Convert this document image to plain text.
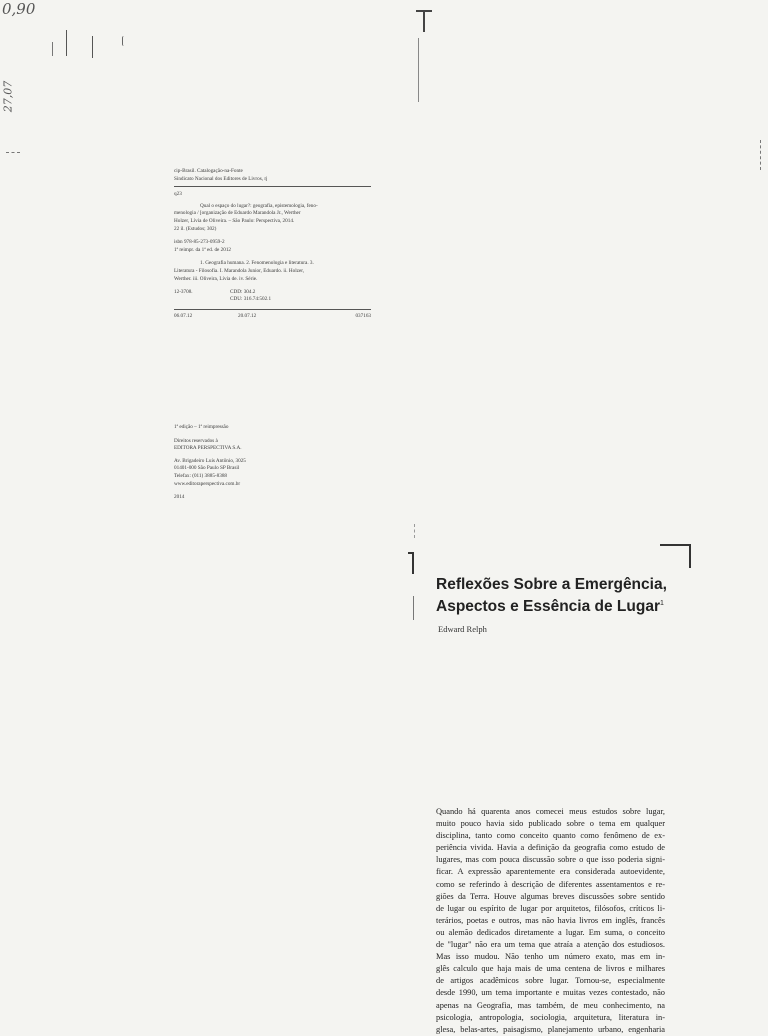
0,90
27,07
cip-Brasil. Catalogação-na-Fonte
Sindicato Nacional dos Editores de Livros, rj
q23
Qual o espaço do lugar?: geografia, epistemologia, feno-
menologia / [organização de Eduardo Marandola Jr., Werther
Holzer, Lívia de Oliveira. – São Paulo: Perspectiva, 2014.
22 il. (Estudos; 302)
isbn 978-85-273-0959-2
1ª reimpr. da 1ª ed. de 2012
1. Geografia humana. 2. Fenomenologia e literatura. 3.
Literatura - Filosofia. I. Marandola Junior, Eduardo. ii. Holzer,
Werther. iii. Oliveira, Lívia de. iv. Série.
12-3708.	CDD: 304.2
CDU: 316.74:502.1
06.07.12	20.07.12	037163
1ª edição – 1ª reimpressão
Direitos reservados à
EDITORA PERSPECTIVA S.A.
Av. Brigadeiro Luís Antônio, 3025
01401-000 São Paulo SP Brasil
Telefax: (011) 3885-8388
www.editoraperspectiva.com.br
2014
Reflexões Sobre a Emergência,
Aspectos e Essência de Lugar$^1$
Edward Relph
Quando há quarenta anos comecei meus estudos sobre lugar,
muito pouco havia sido publicado sobre o tema em qualquer
disciplina, tanto como conceito quanto como fenômeno de ex-
periência vivida. Havia a definição da geografia como estudo de
lugares, mas com pouca discussão sobre o que isso poderia signi-
ficar. A expressão aparentemente era considerada autoevidente,
como se referindo à descrição de diferentes assentamentos e re-
giões da Terra. Houve algumas breves discussões sobre sentido
de lugar ou espírito de lugar por arquitetos, filósofos, críticos li-
terários, poetas e outros, mas não havia livros em inglês, francês
ou alemão dedicados diretamente a lugar. Em suma, o conceito
de "lugar" não era um tema que atraía a atenção dos estudiosos.
Mas isso mudou. Não tenho um número exato, mas em in-
glês calculo que haja mais de uma centena de livros e milhares
de artigos acadêmicos sobre lugar. Tornou-se, especialmente
desde 1990, um tema importante e muitas vezes contestado, não
apenas na Geografia, mas também, de meu conhecimento, na
psicologia, antropologia, sociologia, arquitetura, literatura in-
glesa, belas-artes, paisagismo, planejamento urbano, engenharia
